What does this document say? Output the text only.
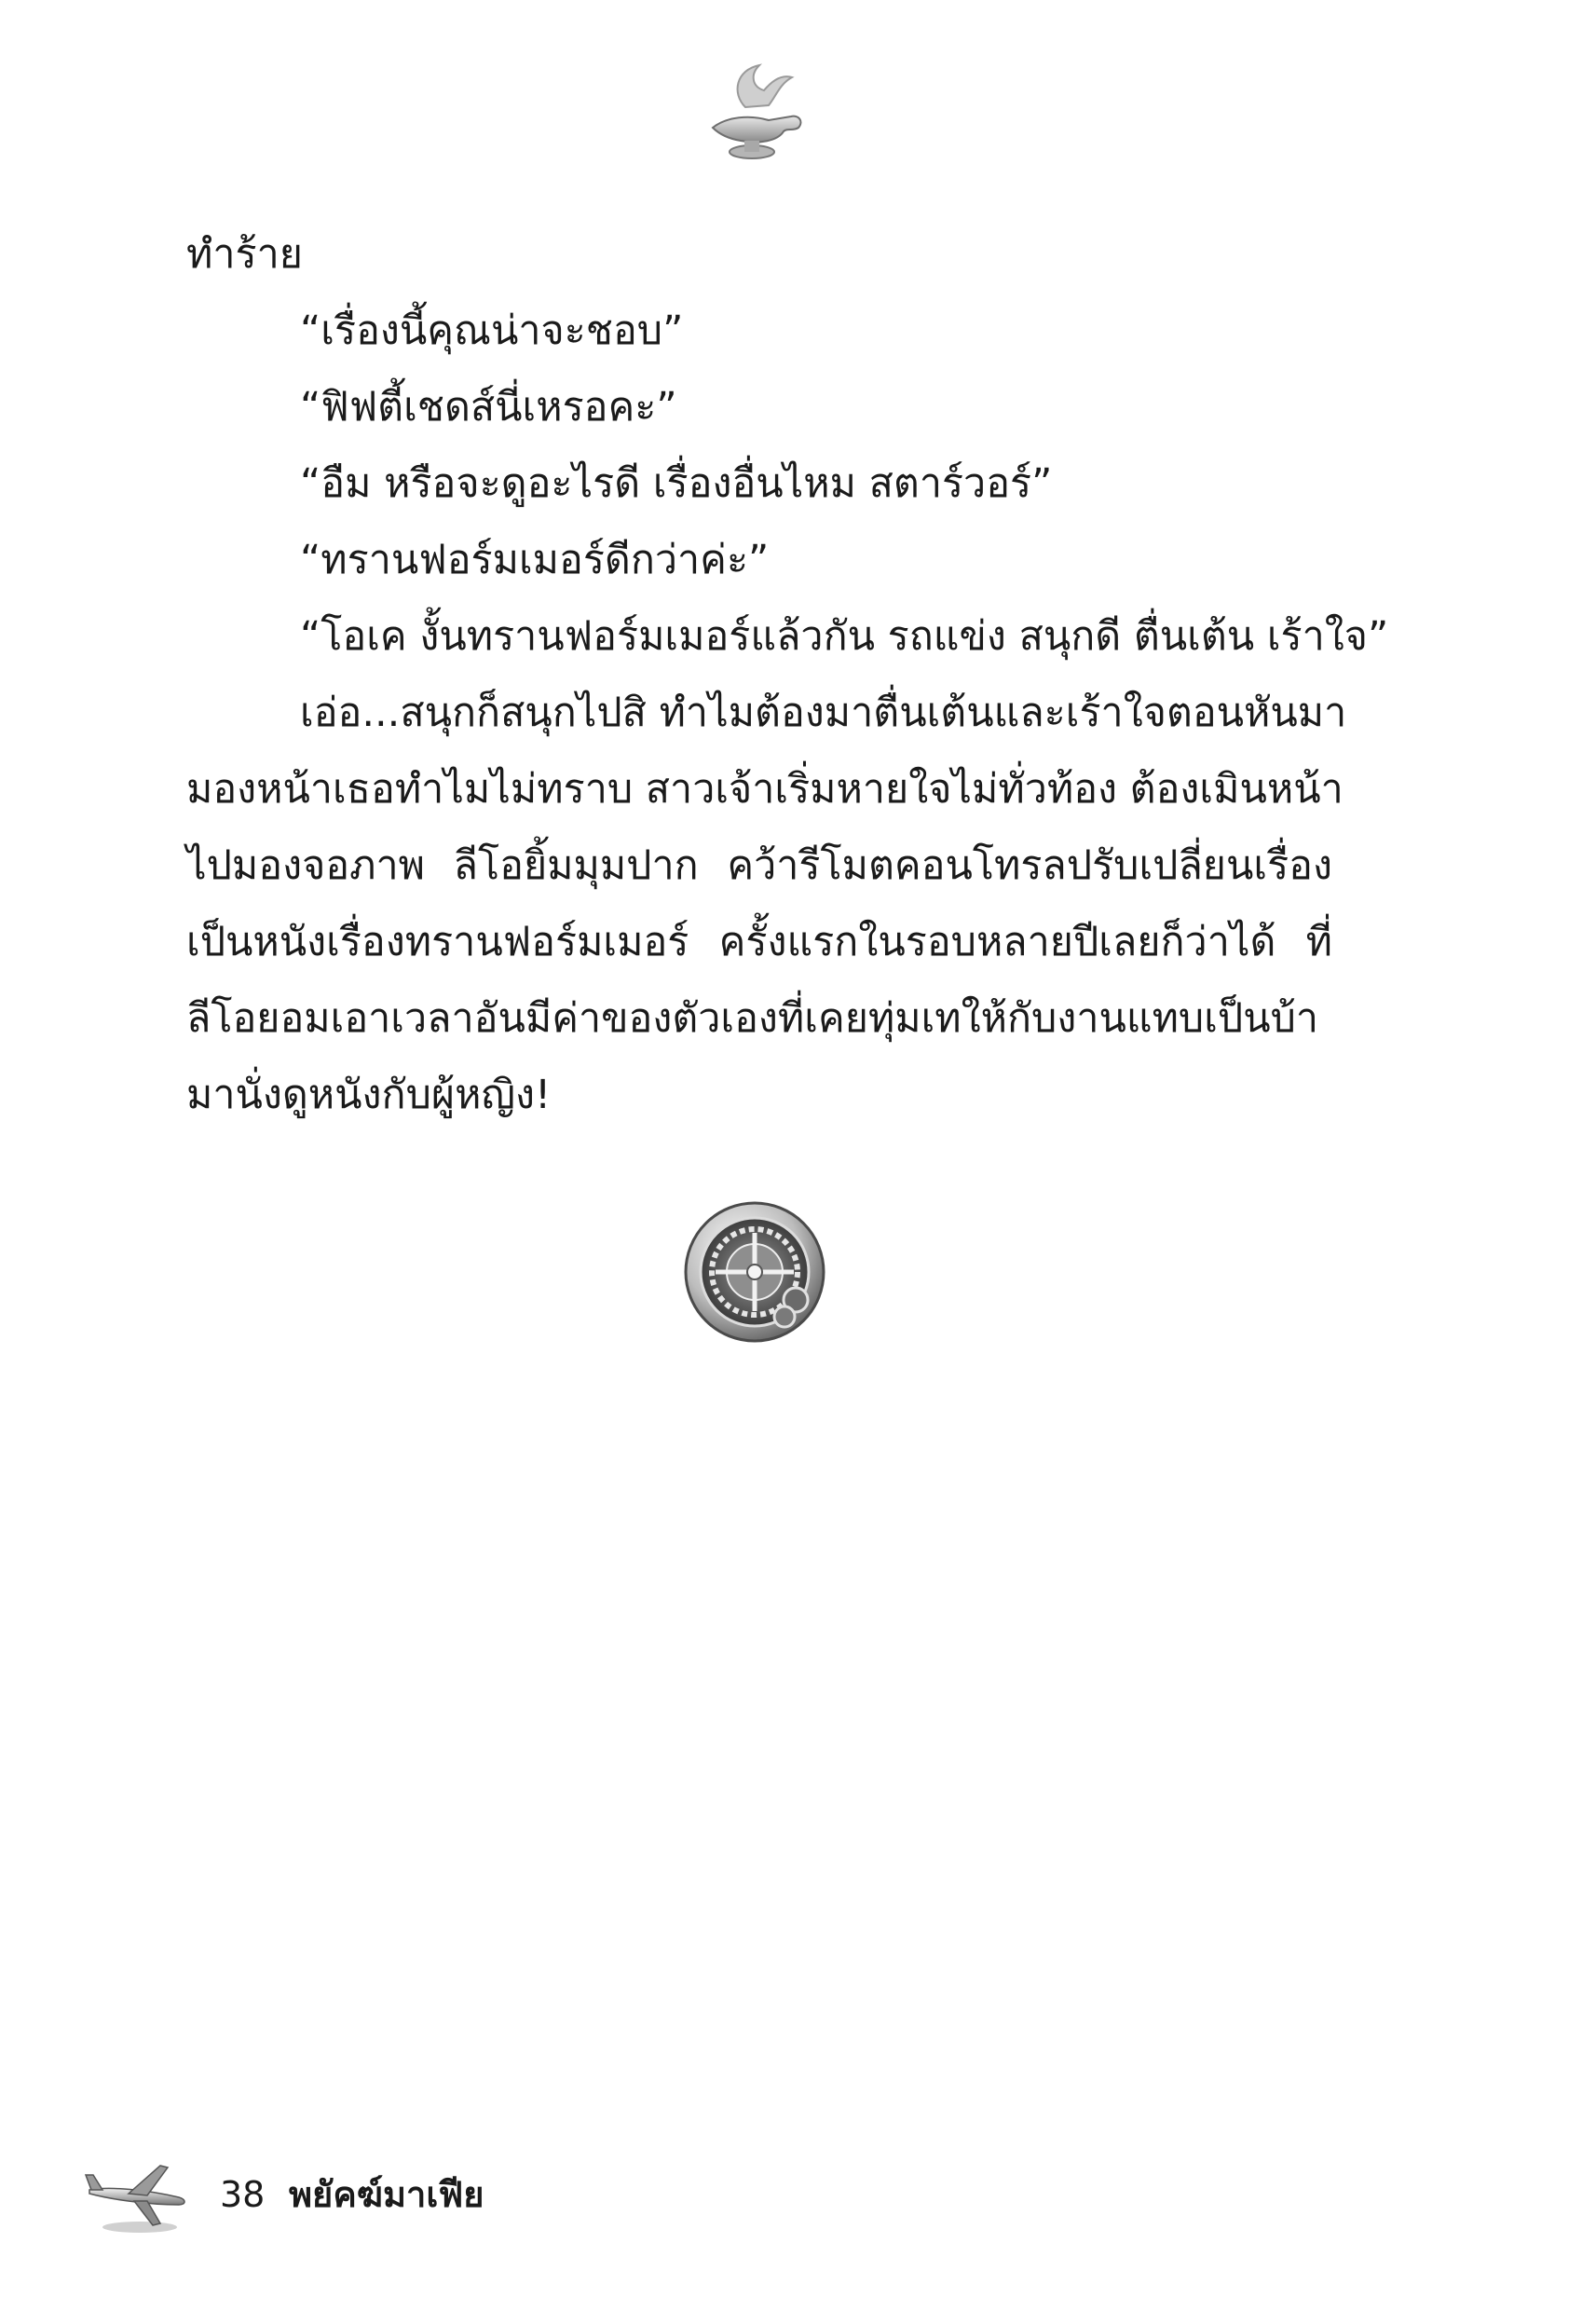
ทำร้าย
“เรื่องนี้คุณน่าจะชอบ”
“ฟิฟตี้เชดส์นี่เหรอคะ”
“อืม หรือจะดูอะไรดี เรื่องอื่นไหม สตาร์วอร์”
“ทรานฟอร์มเมอร์ดีกว่าค่ะ”
“โอเค งั้นทรานฟอร์มเมอร์แล้วกัน รถแข่ง สนุกดี ตื่นเต้น เร้าใจ”
เอ่อ...สนุกก็สนุกไปสิ ทำไมต้องมาตื่นเต้นและเร้าใจตอนหันมา
มองหน้าเธอทำไมไม่ทราบ สาวเจ้าเริ่มหายใจไม่ทั่วท้อง ต้องเมินหน้า
ไปมองจอภาพ ลีโอยิ้มมุมปาก คว้ารีโมตคอนโทรลปรับเปลี่ยนเรื่อง
เป็นหนังเรื่องทรานฟอร์มเมอร์ ครั้งแรกในรอบหลายปีเลยก็ว่าได้ ที่
ลีโอยอมเอาเวลาอันมีค่าของตัวเองที่เคยทุ่มเทให้กับงานแทบเป็นบ้า
มานั่งดูหนังกับผู้หญิง!
38 พยัคฆ์มาเฟีย
